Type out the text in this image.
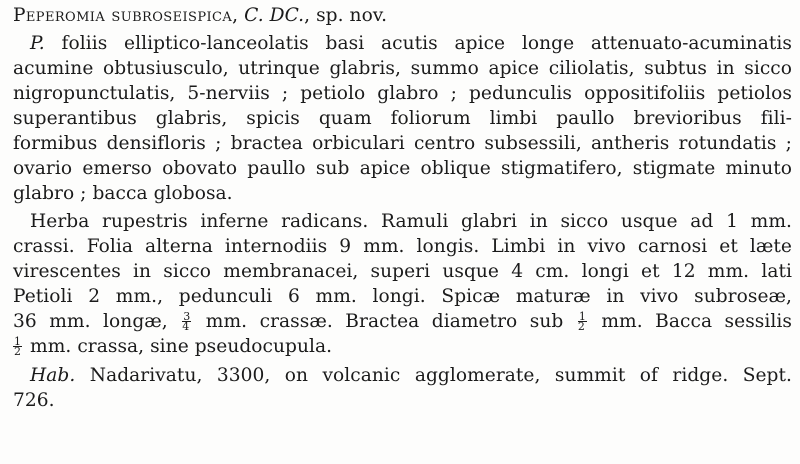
Peperomia subroseispica, C. DC., sp. nov.
P. foliis elliptico-lanceolatis basi acutis apice longe attenuato-acuminatis
acumine obtusiusculo, utrinque glabris, summo apice ciliolatis, subtus in sicco
nigropunctulatis, 5-nerviis ; petiolo glabro ; pedunculis oppositifoliis petiolos
superantibus glabris, spicis quam foliorum limbi paullo brevioribus fili-
formibus densifloris ; bractea orbiculari centro subsessili, antheris rotundatis ;
ovario emerso obovato paullo sub apice oblique stigmatifero, stigmate minuto
glabro ; bacca globosa.
Herba rupestris inferne radicans. Ramuli glabri in sicco usque ad 1 mm.
crassi. Folia alterna internodiis 9 mm. longis. Limbi in vivo carnosi et læte
virescentes in sicco membranacei, superi usque 4 cm. longi et 12 mm. lati
Petioli 2 mm., pedunculi 6 mm. longi. Spicæ maturæ in vivo subroseæ,
36 mm. longæ, $\frac{3}{4}$ mm. crassæ. Bractea diametro sub $\frac{1}{2}$ mm. Bacca sessilis
$\frac{1}{2}$ mm. crassa, sine pseudocupula.
Hab. Nadarivatu, 3300, on volcanic agglomerate, summit of ridge. Sept.
726.
